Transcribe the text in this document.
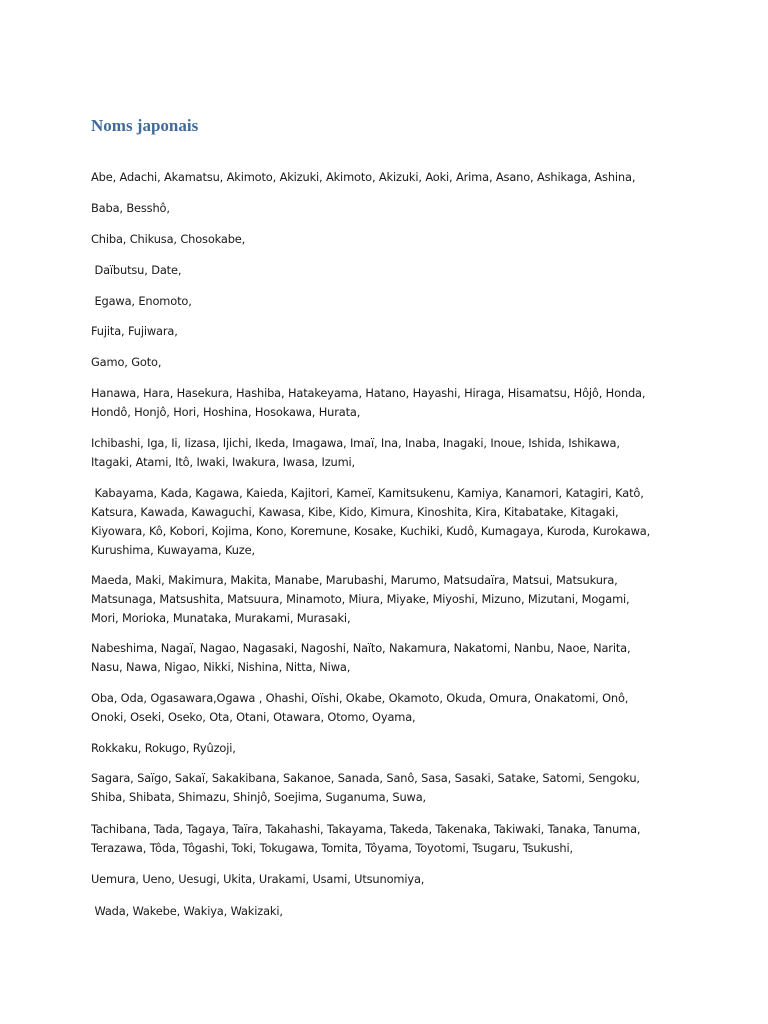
Noms japonais

Abe, Adachi, Akamatsu, Akimoto, Akizuki, Akimoto, Akizuki, Aoki, Arima, Asano, Ashikaga, Ashina,

Baba, Besshô,

Chiba, Chikusa, Chosokabe,

Daïbutsu, Date,

Egawa, Enomoto,

Fujita, Fujiwara,

Gamo, Goto,

Hanawa, Hara, Hasekura, Hashiba, Hatakeyama, Hatano, Hayashi, Hiraga, Hisamatsu, Hôjô, Honda,
Hondô, Honjô, Hori, Hoshina, Hosokawa, Hurata,

Ichibashi, Iga, Ii, Iizasa, Ijichi, Ikeda, Imagawa, Imaï, Ina, Inaba, Inagaki, Inoue, Ishida, Ishikawa,
Itagaki, Atami, Itô, Iwaki, Iwakura, Iwasa, Izumi,

Kabayama, Kada, Kagawa, Kaieda, Kajitori, Kameï, Kamitsukenu, Kamiya, Kanamori, Katagiri, Katô,
Katsura, Kawada, Kawaguchi, Kawasa, Kibe, Kido, Kimura, Kinoshita, Kira, Kitabatake, Kitagaki,
Kiyowara, Kô, Kobori, Kojima, Kono, Koremune, Kosake, Kuchiki, Kudô, Kumagaya, Kuroda, Kurokawa,
Kurushima, Kuwayama, Kuze,

Maeda, Maki, Makimura, Makita, Manabe, Marubashi, Marumo, Matsudaïra, Matsui, Matsukura,
Matsunaga, Matsushita, Matsuura, Minamoto, Miura, Miyake, Miyoshi, Mizuno, Mizutani, Mogami,
Mori, Morioka, Munataka, Murakami, Murasaki,

Nabeshima, Nagaï, Nagao, Nagasaki, Nagoshi, Naïto, Nakamura, Nakatomi, Nanbu, Naoe, Narita,
Nasu, Nawa, Nigao, Nikki, Nishina, Nitta, Niwa,

Oba, Oda, Ogasawara,Ogawa , Ohashi, Oïshi, Okabe, Okamoto, Okuda, Omura, Onakatomi, Onô,
Onoki, Oseki, Oseko, Ota, Otani, Otawara, Otomo, Oyama,

Rokkaku, Rokugo, Ryûzoji,

Sagara, Saïgo, Sakaï, Sakakibana, Sakanoe, Sanada, Sanô, Sasa, Sasaki, Satake, Satomi, Sengoku,
Shiba, Shibata, Shimazu, Shinjô, Soejima, Suganuma, Suwa,

Tachibana, Tada, Tagaya, Taïra, Takahashi, Takayama, Takeda, Takenaka, Takiwaki, Tanaka, Tanuma,
Terazawa, Tôda, Tôgashi, Toki, Tokugawa, Tomita, Tôyama, Toyotomi, Tsugaru, Tsukushi,

Uemura, Ueno, Uesugi, Ukita, Urakami, Usami, Utsunomiya,

Wada, Wakebe, Wakiya, Wakizaki,
